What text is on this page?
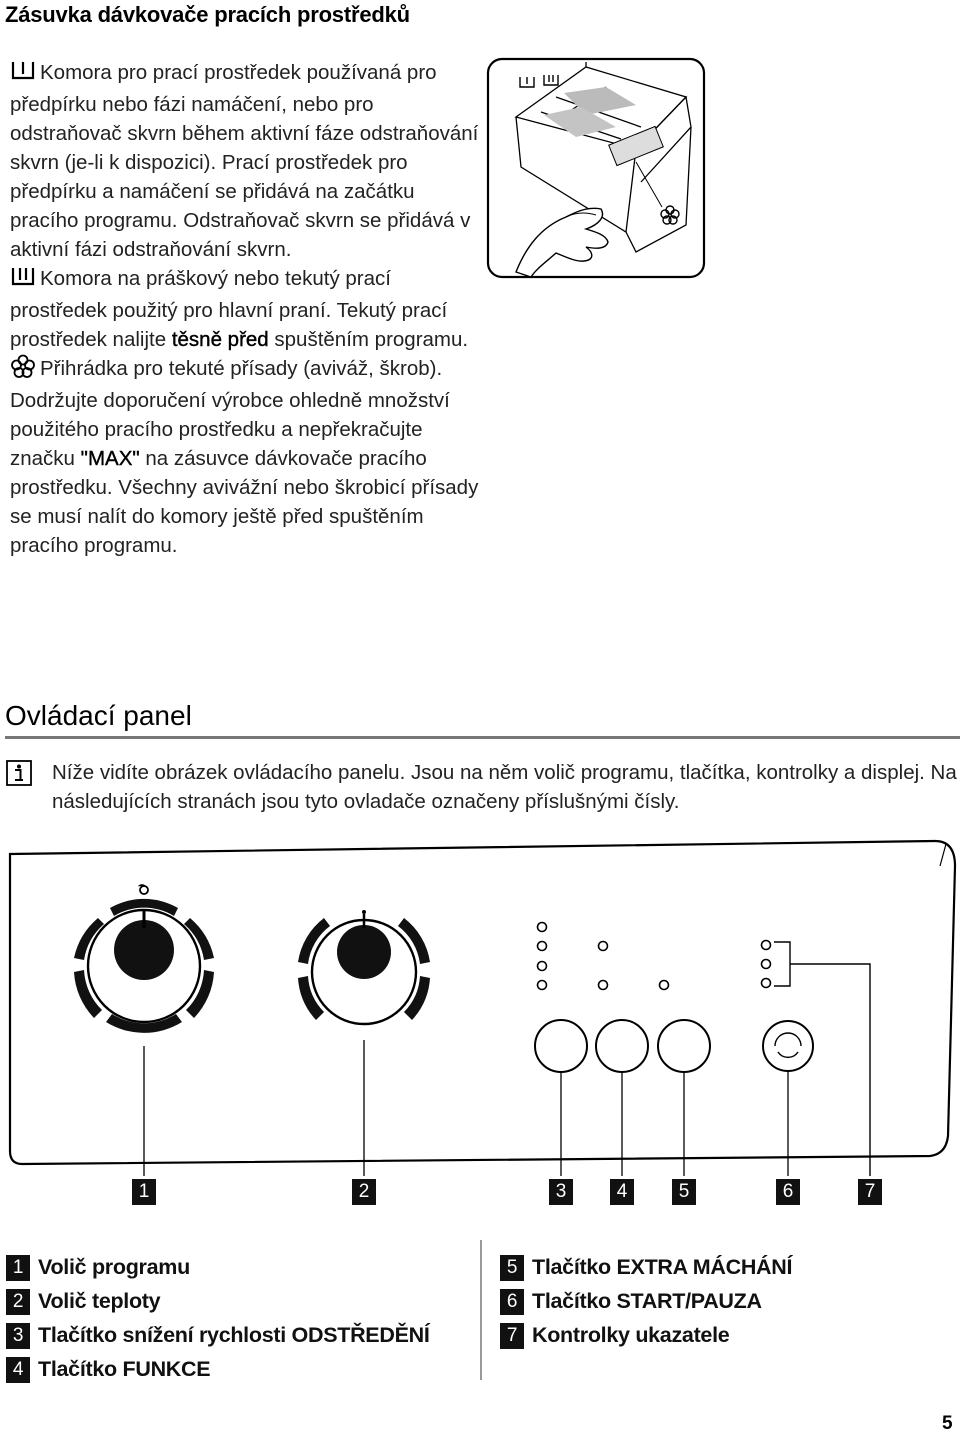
Zásuvka dávkovače pracích prostředků
Komora pro prací prostředek používaná pro předpírku nebo fázi namáčení, nebo pro odstraňovač skvrn během aktivní fáze odstraňování skvrn (je-li k dispozici). Prací prostředek pro předpírku a namáčení se přidává na začátku pracího programu. Odstraňovač skvrn se přidává v aktivní fázi odstraňování skvrn.
Komora na práškový nebo tekutý prací prostředek použitý pro hlavní praní. Tekutý prací prostředek nalijte těsně před spuštěním programu.
Přihrádka pro tekuté přísady (aviváž, škrob).
Dodržujte doporučení výrobce ohledně množství použitého pracího prostředku a nepřekračujte značku "MAX" na zásuvce dávkovače pracího prostředku. Všechny avivážní nebo škrobicí přísady se musí nalít do komory ještě před spuštěním pracího programu.
Ovládací panel
Níže vidíte obrázek ovládacího panelu. Jsou na něm volič programu, tlačítka, kontrolky a displej. Na následujících stranách jsou tyto ovladače označeny příslušnými čísly.
1	2	3	4	5	6	7
1 Volič programu
2 Volič teploty
3 Tlačítko snížení rychlosti ODSTŘEDĚNÍ
4 Tlačítko FUNKCE
5 Tlačítko EXTRA MÁCHÁNÍ
6 Tlačítko START/PAUZA
7 Kontrolky ukazatele
5
